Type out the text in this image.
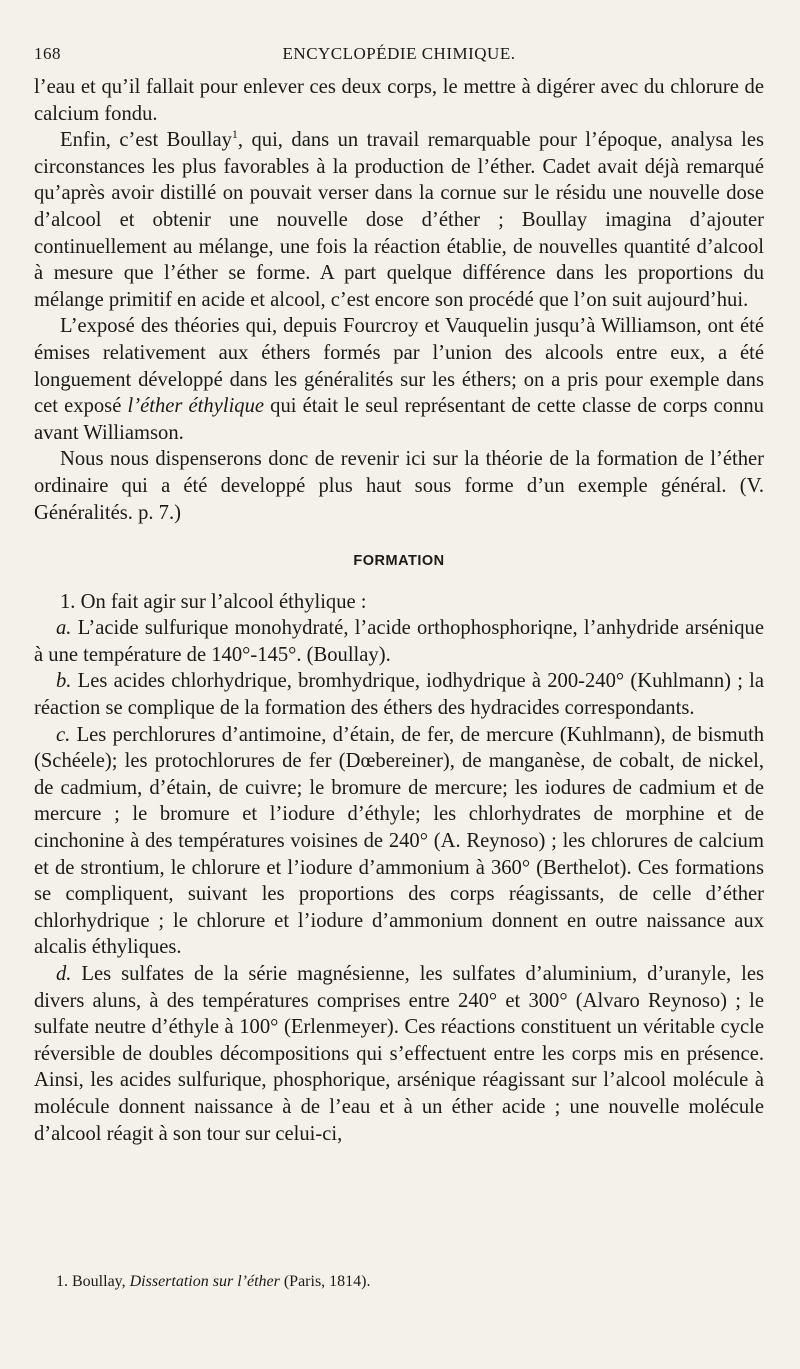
168	ENCYCLOPÉDIE CHIMIQUE.

l’eau et qu’il fallait pour enlever ces deux corps, le mettre à digérer avec du chlorure de calcium fondu.

Enfin, c’est Boullay$^1$, qui, dans un travail remarquable pour l’époque, analysa les circonstances les plus favorables à la production de l’éther. Cadet avait déjà remarqué qu’après avoir distillé on pouvait verser dans la cornue sur le résidu une nouvelle dose d’alcool et obtenir une nouvelle dose d’éther ; Boullay imagina d’ajouter continuellement au mélange, une fois la réaction établie, de nouvelles quantité d’alcool à mesure que l’éther se forme. A part quelque différence dans les proportions du mélange primitif en acide et alcool, c’est encore son procédé que l’on suit aujourd’hui.

L’exposé des théories qui, depuis Fourcroy et Vauquelin jusqu’à Williamson, ont été émises relativement aux éthers formés par l’union des alcools entre eux, a été longuement développé dans les généralités sur les éthers; on a pris pour exemple dans cet exposé l’éther éthylique qui était le seul représentant de cette classe de corps connu avant Williamson.

Nous nous dispenserons donc de revenir ici sur la théorie de la formation de l’éther ordinaire qui a été developpé plus haut sous forme d’un exemple général. (V. Généralités. p. 7.)

FORMATION

1. On fait agir sur l’alcool éthylique :

a. L’acide sulfurique monohydraté, l’acide orthophosphoriqne, l’anhydride arsénique à une température de 140°-145°. (Boullay).

b. Les acides chlorhydrique, bromhydrique, iodhydrique à 200-240° (Kuhlmann) ; la réaction se complique de la formation des éthers des hydracides correspondants.

c. Les perchlorures d’antimoine, d’étain, de fer, de mercure (Kuhlmann), de bismuth (Schéele); les protochlorures de fer (Dœbereiner), de manganèse, de cobalt, de nickel, de cadmium, d’étain, de cuivre; le bromure de mercure; les iodures de cadmium et de mercure ; le bromure et l’iodure d’éthyle; les chlorhydrates de morphine et de cinchonine à des températures voisines de 240° (A. Reynoso) ; les chlorures de calcium et de strontium, le chlorure et l’iodure d’ammonium à 360° (Berthelot). Ces formations se compliquent, suivant les proportions des corps réagissants, de celle d’éther chlorhydrique ; le chlorure et l’iodure d’ammonium donnent en outre naissance aux alcalis éthyliques.

d. Les sulfates de la série magnésienne, les sulfates d’aluminium, d’uranyle, les divers aluns, à des températures comprises entre 240° et 300° (Alvaro Reynoso) ; le sulfate neutre d’éthyle à 100° (Erlenmeyer). Ces réactions constituent un véritable cycle réversible de doubles décompositions qui s’effectuent entre les corps mis en présence. Ainsi, les acides sulfurique, phosphorique, arsénique réagissant sur l’alcool molécule à molécule donnent naissance à de l’eau et à un éther acide ; une nouvelle molécule d’alcool réagit à son tour sur celui-ci,

1. Boullay, Dissertation sur l’éther (Paris, 1814).
